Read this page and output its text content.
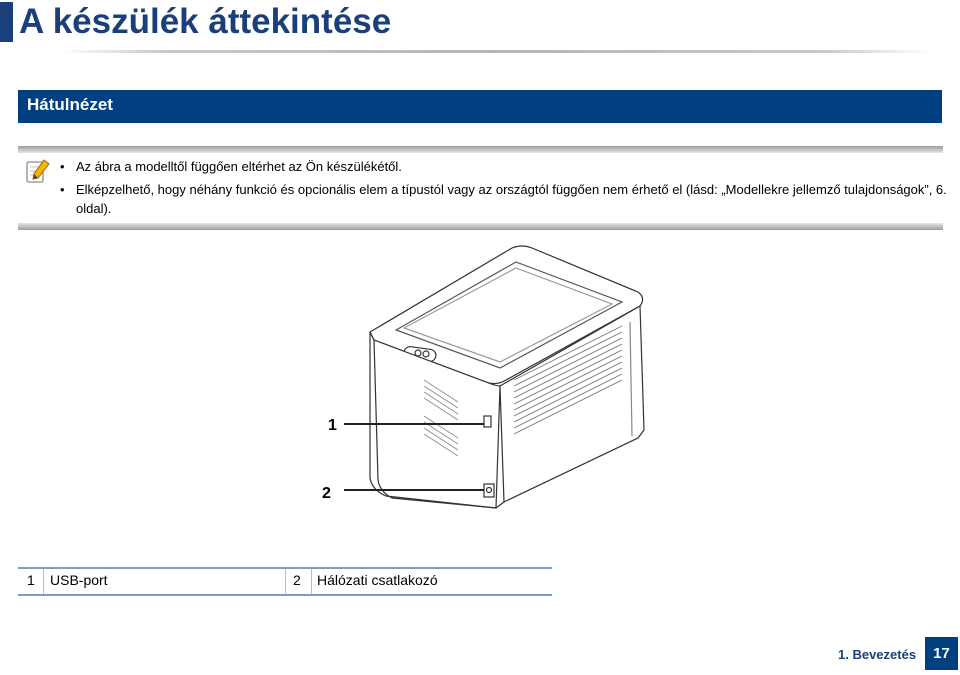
A készülék áttekintése
Hátulnézet
• Az ábra a modelltől függően eltérhet az Ön készülékétől.
• Elképzelhető, hogy néhány funkció és opcionális elem a típustól vagy az országtól függően nem érhető el (lásd: „Modellekre jellemző tulajdonságok”, 6. oldal).
1
2
1	USB-port	2	Hálózati csatlakozó
1. Bevezetés	17
